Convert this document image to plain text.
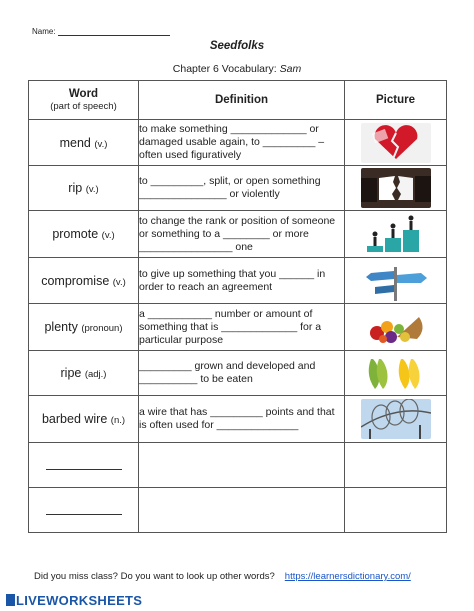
Name:
Seedfolks
Chapter 6 Vocabulary: Sam
Word
(part of speech)	Definition	Picture
mend (v.)	to make something _____________ or damaged usable again, to _________ – often used figuratively	
rip (v.)	to _________, split, or open something _______________ or violently	
promote (v.)	to change the rank or position of someone or something to a ________ or more ________________ one	
compromise (v.)	to give up something that you ______ in order to reach an agreement	
plenty (pronoun)	a ___________ number or amount of something that is _____________ for a particular purpose	
ripe (adj.)	_________ grown and developed and __________ to be eaten	
barbed wire (n.)	a wire that has _________ points and that is often used for ______________	

Did you miss class? Do you want to look up other words? https://learnersdictionary.com/
LIVEWORKSHEETS
